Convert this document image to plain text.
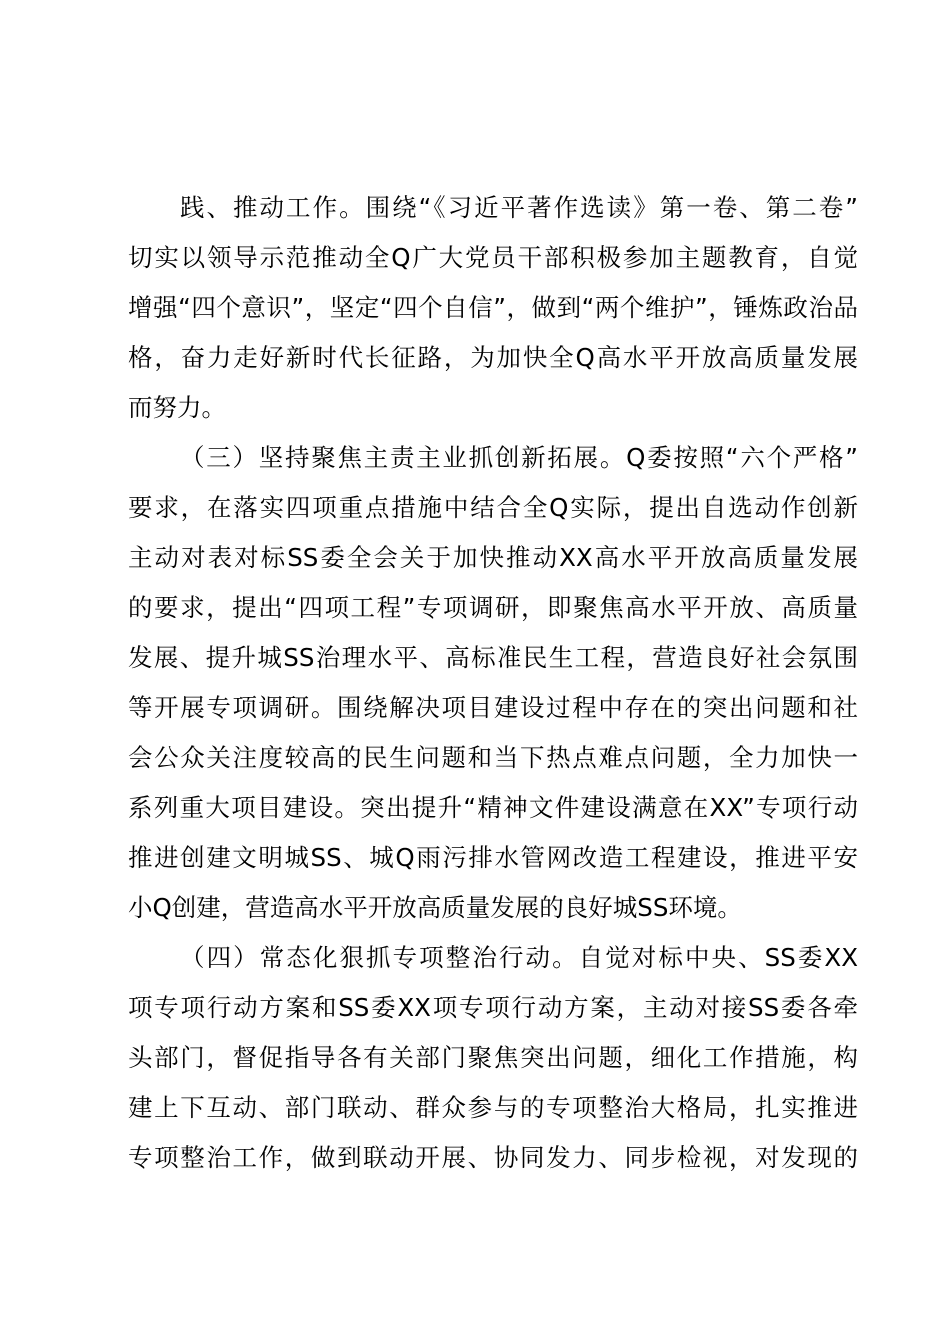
践、推动工作。围绕“《习近平著作选读》第一卷、第二卷”
切实以领导示范推动全Q广大党员干部积极参加主题教育，自觉
增强“四个意识”，坚定“四个自信”，做到“两个维护”，锤炼政治品
格，奋力走好新时代长征路，为加快全Q高水平开放高质量发展
而努力。
（三）坚持聚焦主责主业抓创新拓展。Q委按照“六个严格”
要求，在落实四项重点措施中结合全Q实际，提出自选动作创新
主动对表对标SS委全会关于加快推动XX高水平开放高质量发展
的要求，提出“四项工程”专项调研，即聚焦高水平开放、高质量
发展、提升城SS治理水平、高标准民生工程，营造良好社会氛围
等开展专项调研。围绕解决项目建设过程中存在的突出问题和社
会公众关注度较高的民生问题和当下热点难点问题，全力加快一
系列重大项目建设。突出提升“精神文件建设满意在XX”专项行动
推进创建文明城SS、城Q雨污排水管网改造工程建设，推进平安
小Q创建，营造高水平开放高质量发展的良好城SS环境。
（四）常态化狠抓专项整治行动。自觉对标中央、SS委XX
项专项行动方案和SS委XX项专项行动方案，主动对接SS委各牵
头部门，督促指导各有关部门聚焦突出问题，细化工作措施，构
建上下互动、部门联动、群众参与的专项整治大格局，扎实推进
专项整治工作，做到联动开展、协同发力、同步检视，对发现的
